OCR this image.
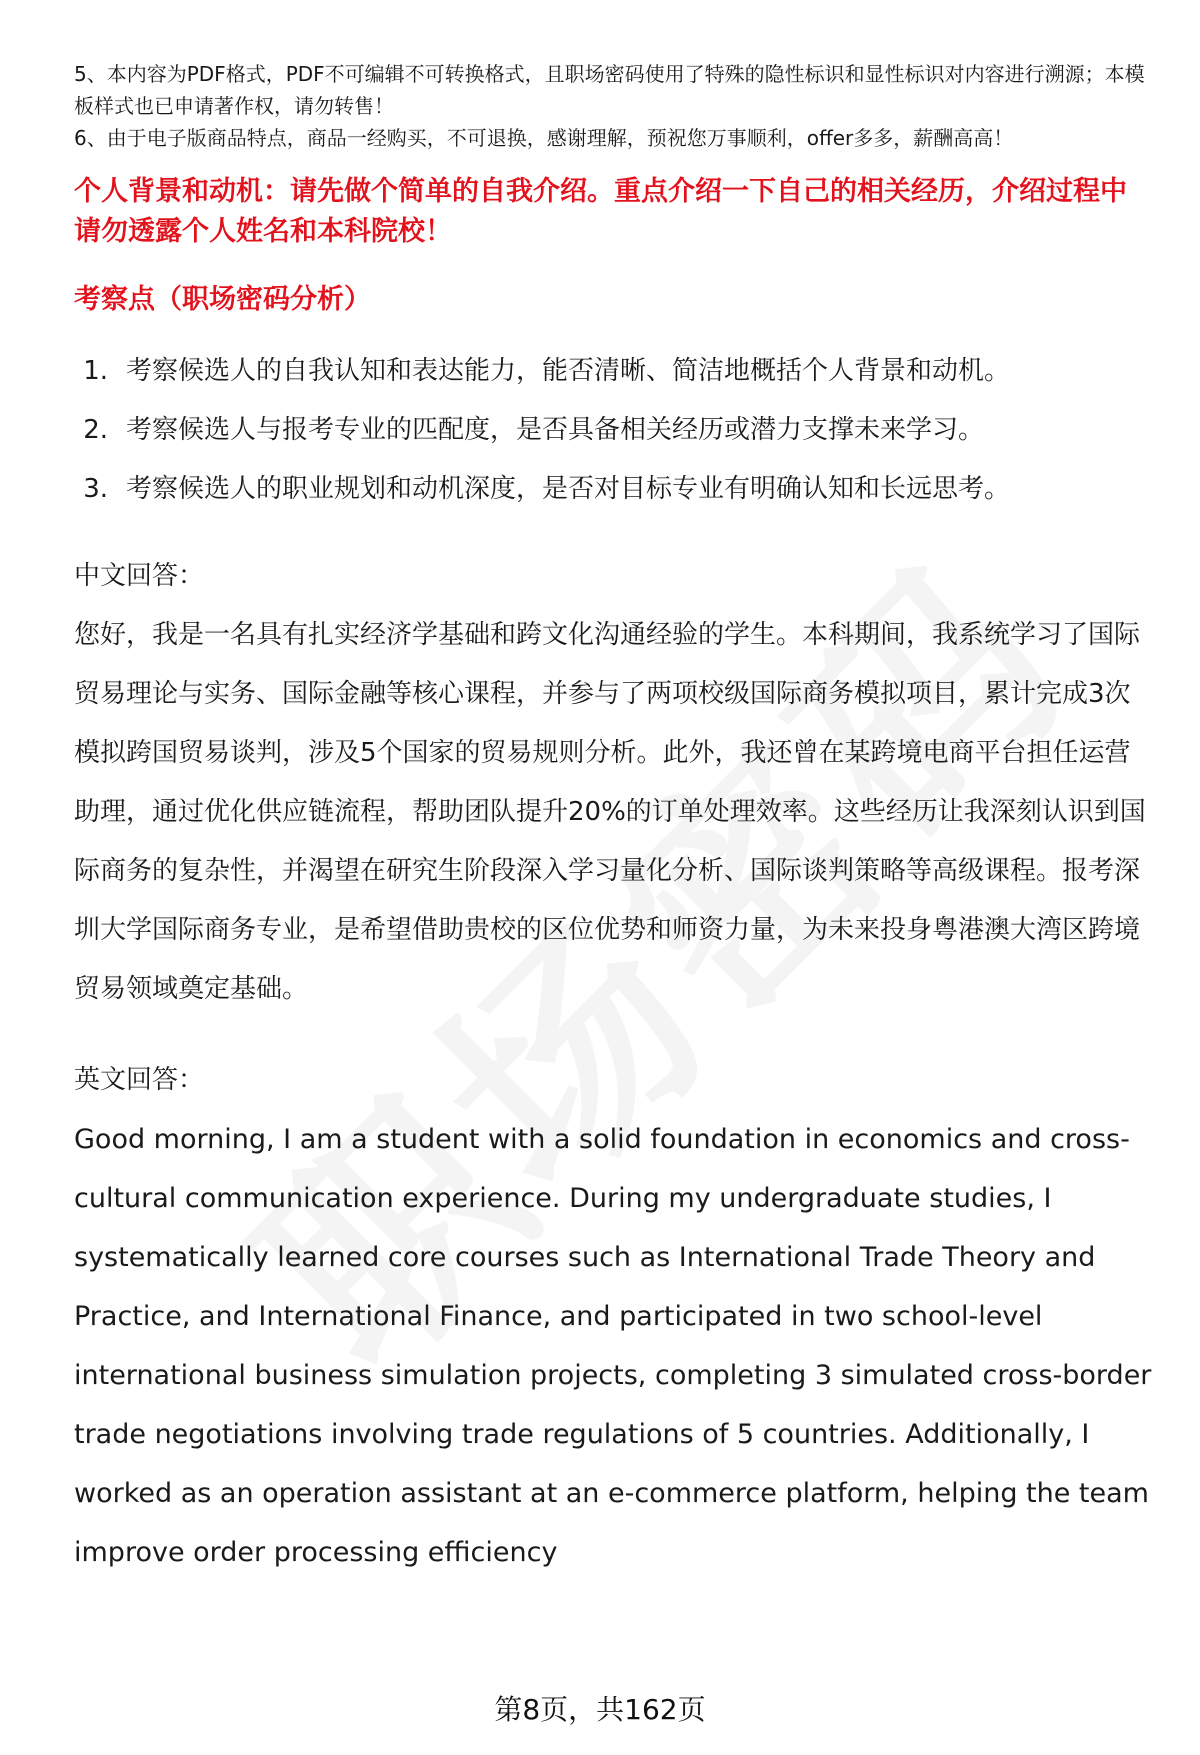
5、本内容为PDF格式，PDF不可编辑不可转换格式，且职场密码使用了特殊的隐性标识和显性标识对内容进行溯源；本模板样式也已申请著作权，请勿转售！

6、由于电子版商品特点，商品一经购买，不可退换，感谢理解，预祝您万事顺利，offer多多，薪酬高高！

个人背景和动机：请先做个简单的自我介绍。重点介绍一下自己的相关经历，介绍过程中请勿透露个人姓名和本科院校！
考察点（职场密码分析）
1. 考察候选人的自我认知和表达能力，能否清晰、简洁地概括个人背景和动机。
2. 考察候选人与报考专业的匹配度，是否具备相关经历或潜力支撑未来学习。
3. 考察候选人的职业规划和动机深度，是否对目标专业有明确认知和长远思考。
中文回答：

您好，我是一名具有扎实经济学基础和跨文化沟通经验的学生。本科期间，我系统学习了国际贸易理论与实务、国际金融等核心课程，并参与了两项校级国际商务模拟项目，累计完成3次模拟跨国贸易谈判，涉及5个国家的贸易规则分析。此外，我还曾在某跨境电商平台担任运营助理，通过优化供应链流程，帮助团队提升20%的订单处理效率。这些经历让我深刻认识到国际商务的复杂性，并渴望在研究生阶段深入学习量化分析、国际谈判策略等高级课程。报考深圳大学国际商务专业，是希望借助贵校的区位优势和师资力量，为未来投身粤港澳大湾区跨境贸易领域奠定基础。

英文回答：

Good morning, I am a student with a solid foundation in economics and cross-cultural communication experience. During my undergraduate studies, I systematically learned core courses such as International Trade Theory and Practice, and International Finance, and participated in two school-level international business simulation projects, completing 3 simulated cross-border trade negotiations involving trade regulations of 5 countries. Additionally, I worked as an operation assistant at an e-commerce platform, helping the team improve order processing efficiency

第8页，共162页
